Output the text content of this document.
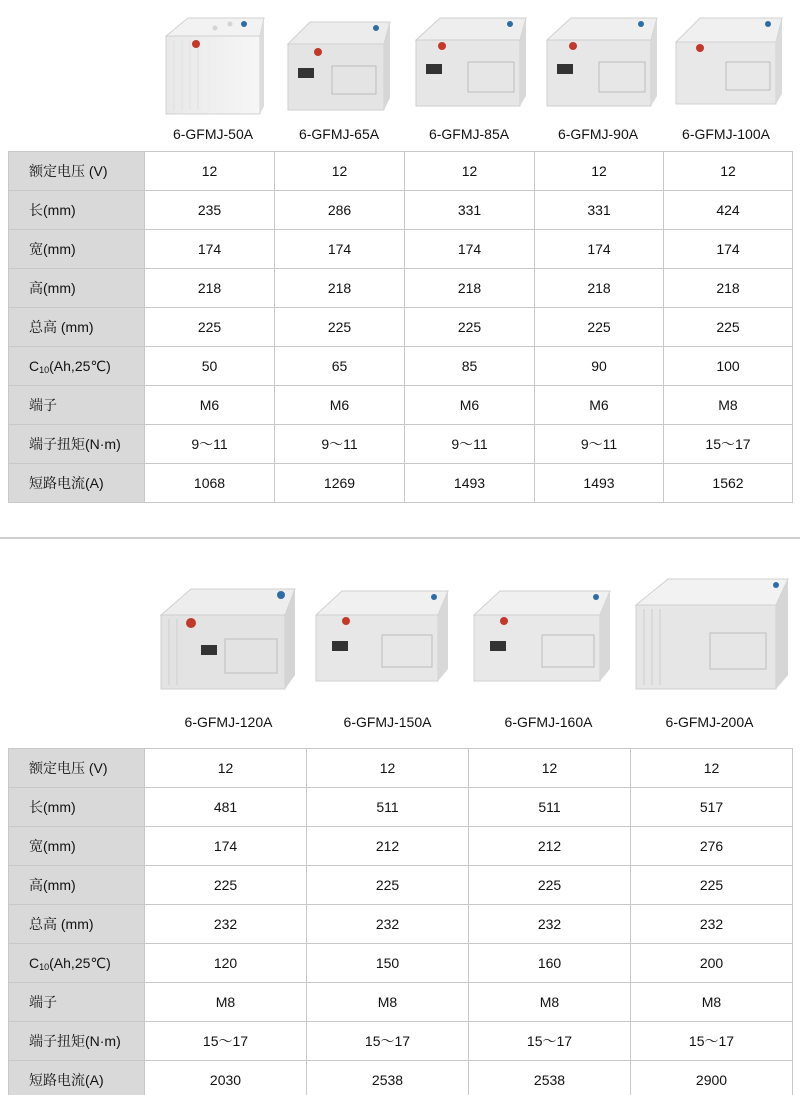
6-GFMJ-50A	6-GFMJ-65A	6-GFMJ-85A	6-GFMJ-90A	6-GFMJ-100A
额定电压 (V)	12	12	12	12	12
长(mm)	235	286	331	331	424
宽(mm)	174	174	174	174	174
高(mm)	218	218	218	218	218
总高 (mm)	225	225	225	225	225
$C_{10}(Ah,25℃)$	50	65	85	90	100
端子	M6	M6	M6	M6	M8
端子扭矩(N·m)	9～11	9～11	9～11	9～11	15～17
短路电流(A)	1068	1269	1493	1493	1562
6-GFMJ-120A	6-GFMJ-150A	6-GFMJ-160A	6-GFMJ-200A
额定电压 (V)	12	12	12	12
长(mm)	481	511	511	517
宽(mm)	174	212	212	276
高(mm)	225	225	225	225
总高 (mm)	232	232	232	232
$C_{10}(Ah,25℃)$	120	150	160	200
端子	M8	M8	M8	M8
端子扭矩(N·m)	15～17	15～17	15～17	15～17
短路电流(A)	2030	2538	2538	2900
